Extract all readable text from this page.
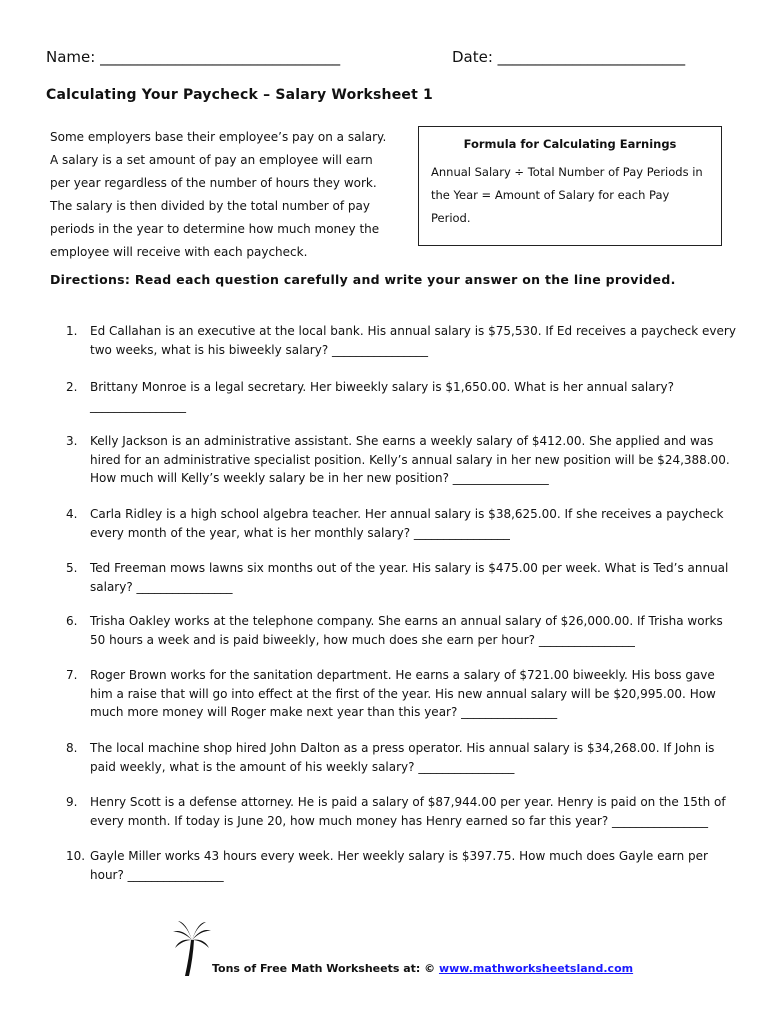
Name: ________________________________	Date: _________________________
Calculating Your Paycheck – Salary Worksheet 1
Some employers base their employee’s pay on a salary. A salary is a set amount of pay an employee will earn per year regardless of the number of hours they work. The salary is then divided by the total number of pay periods in the year to determine how much money the employee will receive with each paycheck.
Formula for Calculating Earnings
Annual Salary ÷ Total Number of Pay Periods in the Year = Amount of Salary for each Pay Period.
Directions: Read each question carefully and write your answer on the line provided.
1.	Ed Callahan is an executive at the local bank. His annual salary is $75,530. If Ed receives a paycheck every two weeks, what is his biweekly salary? ________________
2.	Brittany Monroe is a legal secretary. Her biweekly salary is $1,650.00. What is her annual salary? ________________
3.	Kelly Jackson is an administrative assistant. She earns a weekly salary of $412.00. She applied and was hired for an administrative specialist position. Kelly’s annual salary in her new position will be $24,388.00. How much will Kelly’s weekly salary be in her new position? ________________
4.	Carla Ridley is a high school algebra teacher. Her annual salary is $38,625.00. If she receives a paycheck every month of the year, what is her monthly salary? ________________
5.	Ted Freeman mows lawns six months out of the year. His salary is $475.00 per week. What is Ted’s annual salary? ________________
6.	Trisha Oakley works at the telephone company. She earns an annual salary of $26,000.00. If Trisha works 50 hours a week and is paid biweekly, how much does she earn per hour? ________________
7.	Roger Brown works for the sanitation department. He earns a salary of $721.00 biweekly. His boss gave him a raise that will go into effect at the first of the year. His new annual salary will be $20,995.00. How much more money will Roger make next year than this year? ________________
8.	The local machine shop hired John Dalton as a press operator. His annual salary is $34,268.00. If John is paid weekly, what is the amount of his weekly salary? ________________
9.	Henry Scott is a defense attorney. He is paid a salary of $87,944.00 per year. Henry is paid on the 15th of every month. If today is June 20, how much money has Henry earned so far this year? ________________
10. Gayle Miller works 43 hours every week. Her weekly salary is $397.75. How much does Gayle earn per hour? ________________
Tons of Free Math Worksheets at: © www.mathworksheetsland.com
